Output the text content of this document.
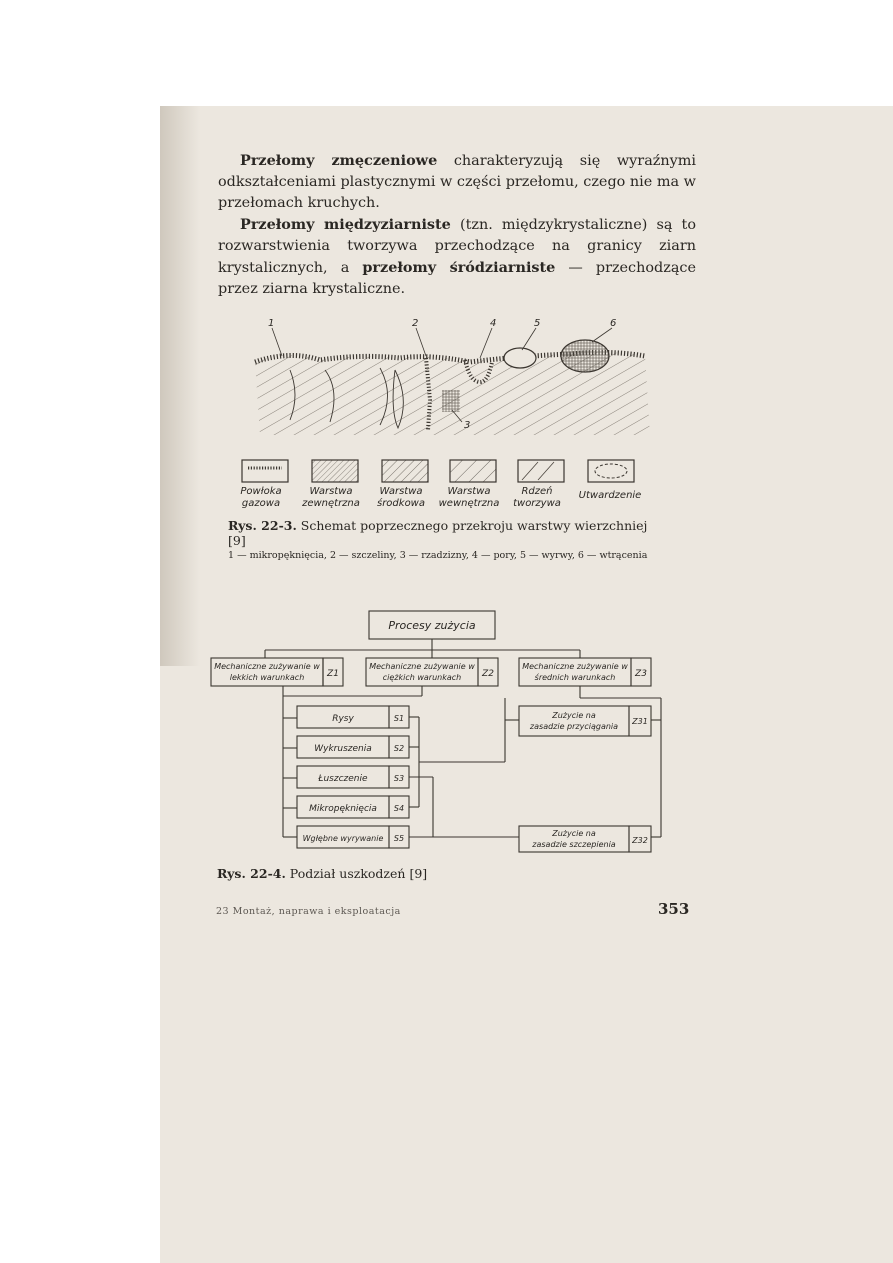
Przełomy zmęczeniowe charakteryzują się wyraźnymi odkształceniami plastycznymi w części przełomu, czego nie ma w przełomach kruchych.

Przełomy międzyziarniste (tzn. międzykrystaliczne) są to rozwarstwienia tworzywa przechodzące na granicy ziarn krystalicznych, a przełomy śródziarniste — przechodzące przez ziarna krystaliczne.

1	2	4	5	6
3
Powłoka gazowa
Warstwa zewnętrzna
Warstwa środkowa
Warstwa wewnętrzna
Rdzeń tworzywa
Utwardzenie
Rys. 22-3. Schemat poprzecznego przekroju warstwy wierzchniej [9]
1 — mikropęknięcia, 2 — szczeliny, 3 — rzadzizny, 4 — pory, 5 — wyrwy, 6 — wtrącenia
Procesy zużycia
Mechaniczne zużywanie w
lekkich warunkach	Z1
Mechaniczne zużywanie w
ciężkich warunkach Z2
Mechaniczne zużywanie w
średnich warunkach Z3
Rysy	S1
Wykruszenia	S2
Łuszczenie	S3
Mikropęknięcia S4
Wgłębne wyrywanie S5
Zużycie na
zasadzie przyciągania
Z31
Zużycie na
zasadzie szczepienia Z32
Rys. 22-4. Podział uszkodzeń [9]
23 Montaż, naprawa i eksploatacja	353
